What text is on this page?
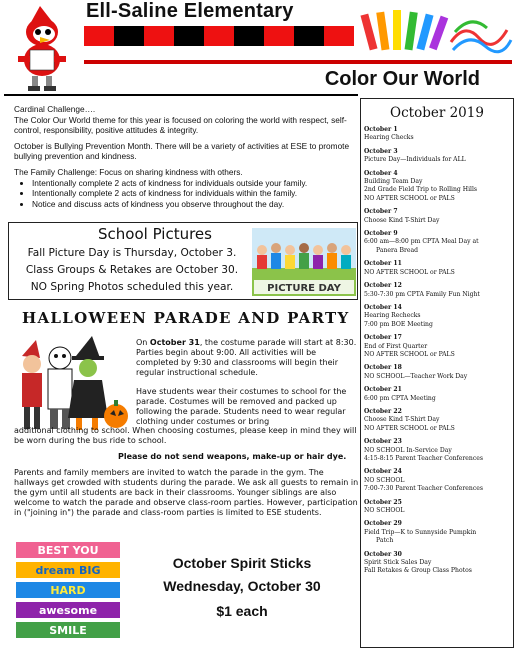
Ell-Saline Elementary
Color Our World

Cardinal Challenge….

The Color Our World theme for this year is focused on coloring the world with respect, self-control, responsibility, positive attitudes & integrity.

October is Bullying Prevention Month. There will be a variety of activities at ESE to promote bullying prevention and kindness.

The Family Challenge: Focus on sharing kindness with others.

• Intentionally complete 2 acts of kindness for individuals outside your family.
• Intentionally complete 2 acts of kindness for individuals within the family.
• Notice and discuss acts of kindness you observe throughout the day.
School Pictures
Fall Picture Day is Thursday, October 3.
Class Groups & Retakes are October 30.
NO Spring Photos scheduled this year.	PICTURE DAY
HALLOWEEN PARADE AND PARTY
On October 31, the costume parade will start at 8:30. Parties begin about 9:00. All activities will be completed by 9:30 and classrooms will begin their regular instructional schedule.
Have students wear their costumes to school for the parade. Costumes will be removed and packed up following the parade. Students need to wear regular clothing under costumes or bring
additional clothing to school. When choosing costumes, please keep in mind they will be worn during the bus ride to school.
Please do not send weapons, make-up or hair dye.
Parents and family members are invited to watch the parade in the gym. The hallways get crowded with students during the parade. We ask all guests to remain in the gym until all students are back in their classrooms. Younger siblings are also welcome to watch the parade and observe class-room parties. However, participation in ("joining in") the parade and class-room parties is limited to ESE students.
BEST YOU
dream BIG
HARD
awesome
SMILE
October Spirit Sticks
Wednesday, October 30
$1 each
October 2019
October 1
Hearing Checks
October 3
Picture Day—Individuals for ALL
October 4
Building Team Day
2nd Grade Field Trip to Rolling Hills
NO AFTER SCHOOL or PALS
October 7
Choose Kind T-Shirt Day
October 9
6:00 am—8:00 pm CPTA Meal Day at
Panera Bread
October 11
NO AFTER SCHOOL or PALS
October 12
5:30-7:30 pm CPTA Family Fun Night
October 14
Hearing Rechecks
7:00 pm BOE Meeting
October 17
End of First Quarter
NO AFTER SCHOOL or PALS
October 18
NO SCHOOL—Teacher Work Day
October 21
6:00 pm CPTA Meeting
October 22
Choose Kind T-Shirt Day
NO AFTER SCHOOL or PALS
October 23
NO SCHOOL In-Service Day
4:15-8:15 Parent Teacher Conferences
October 24
NO SCHOOL
7:00-7:30 Parent Teacher Conferences
October 25
NO SCHOOL
October 29
Field Trip—K to Sunnyside Pumpkin
Patch
October 30
Spirit Stick Sales Day
Fall Retakes & Group Class Photos
